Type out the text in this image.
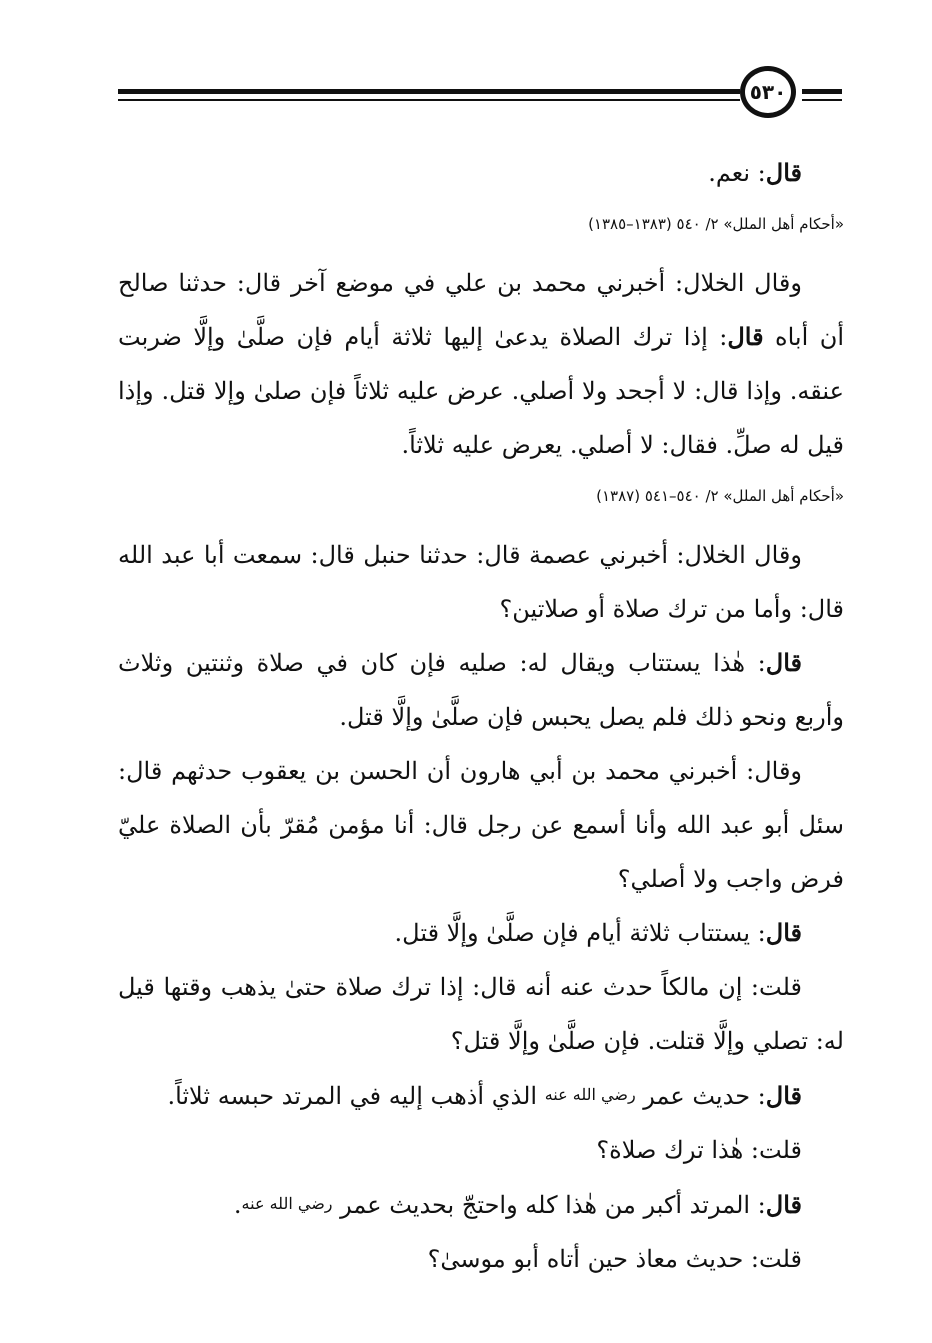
٥٣٠

قال: نعم.

«أحكام أهل الملل» ٢/ ٥٤٠ (١٣٨٣–١٣٨٥)

وقال الخلال: أخبرني محمد بن علي في موضع آخر قال: حدثنا صالح أن أباه قال: إذا ترك الصلاة يدعىٰ إليها ثلاثة أيام فإن صلَّىٰ وإلَّا ضربت عنقه. وإذا قال: لا أجحد ولا أصلي. عرض عليه ثلاثاً فإن صلىٰ وإلا قتل. وإذا قيل له صلِّ. فقال: لا أصلي. يعرض عليه ثلاثاً.

«أحكام أهل الملل» ٢/ ٥٤٠–٥٤١ (١٣٨٧)

وقال الخلال: أخبرني عصمة قال: حدثنا حنبل قال: سمعت أبا عبد الله قال: وأما من ترك صلاة أو صلاتين؟

قال: هٰذا يستتاب ويقال له: صليه فإن كان في صلاة وثنتين وثلاث وأربع ونحو ذلك فلم يصل يحبس فإن صلَّىٰ وإلَّا قتل.

وقال: أخبرني محمد بن أبي هارون أن الحسن بن يعقوب حدثهم قال: سئل أبو عبد الله وأنا أسمع عن رجل قال: أنا مؤمن مُقرّ بأن الصلاة عليّ فرض واجب ولا أصلي؟

قال: يستتاب ثلاثة أيام فإن صلَّىٰ وإلَّا قتل.

قلت: إن مالكاً حدث عنه أنه قال: إذا ترك صلاة حتىٰ يذهب وقتها قيل له: تصلي وإلَّا قتلت. فإن صلَّىٰ وإلَّا قتل؟

قال: حديث عمر رضي الله عنه الذي أذهب إليه في المرتد حبسه ثلاثاً.

قلت: هٰذا ترك صلاة؟

قال: المرتد أكبر من هٰذا كله واحتجّ بحديث عمر رضي الله عنه.

قلت: حديث معاذ حين أتاه أبو موسىٰ؟
